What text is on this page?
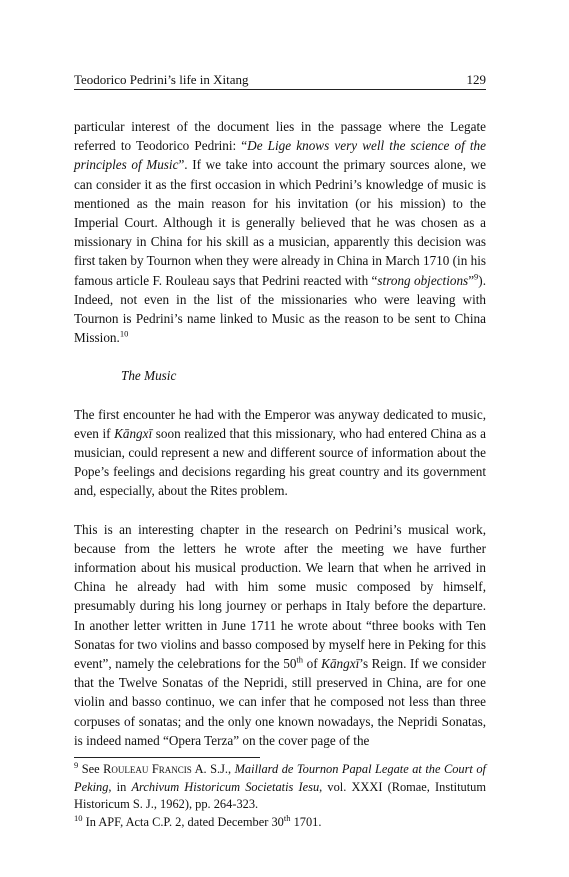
Teodorico Pedrini’s life in Xitang	129

particular interest of the document lies in the passage where the Legate referred to Teodorico Pedrini: “De Lige knows very well the science of the principles of Music”. If we take into account the primary sources alone, we can consider it as the first occasion in which Pedrini’s knowledge of music is mentioned as the main reason for his invitation (or his mission) to the Imperial Court. Although it is generally believed that he was chosen as a missionary in China for his skill as a musician, apparently this decision was first taken by Tournon when they were already in China in March 1710 (in his famous article F. Rouleau says that Pedrini reacted with “strong objections”$^9$). Indeed, not even in the list of the missionaries who were leaving with Tournon is Pedrini’s name linked to Music as the reason to be sent to China Mission.$^{10}$

The Music

The first encounter he had with the Emperor was anyway dedicated to music, even if Kāngxī soon realized that this missionary, who had entered China as a musician, could represent a new and different source of information about the Pope’s feelings and decisions regarding his great country and its government and, especially, about the Rites problem.

This is an interesting chapter in the research on Pedrini’s musical work, because from the letters he wrote after the meeting we have further information about his musical production. We learn that when he arrived in China he already had with him some music composed by himself, presumably during his long journey or perhaps in Italy before the departure. In another letter written in June 1711 he wrote about “three books with Ten Sonatas for two violins and basso composed by myself here in Peking for this event”, namely the celebrations for the 50th of Kāngxī’s Reign. If we consider that the Twelve Sonatas of the Nepridi, still preserved in China, are for one violin and basso continuo, we can infer that he composed not less than three corpuses of sonatas; and the only one known nowadays, the Nepridi Sonatas, is indeed named “Opera Terza” on the cover page of the

$^9$ See Rouleau Francis A. S.J., Maillard de Tournon Papal Legate at the Court of Peking, in Archivum Historicum Societatis Iesu, vol. XXXI (Romae, Institutum Historicum S. J., 1962), pp. 264-323.

$^{10}$ In APF, Acta C.P. 2, dated December 30th 1701.
